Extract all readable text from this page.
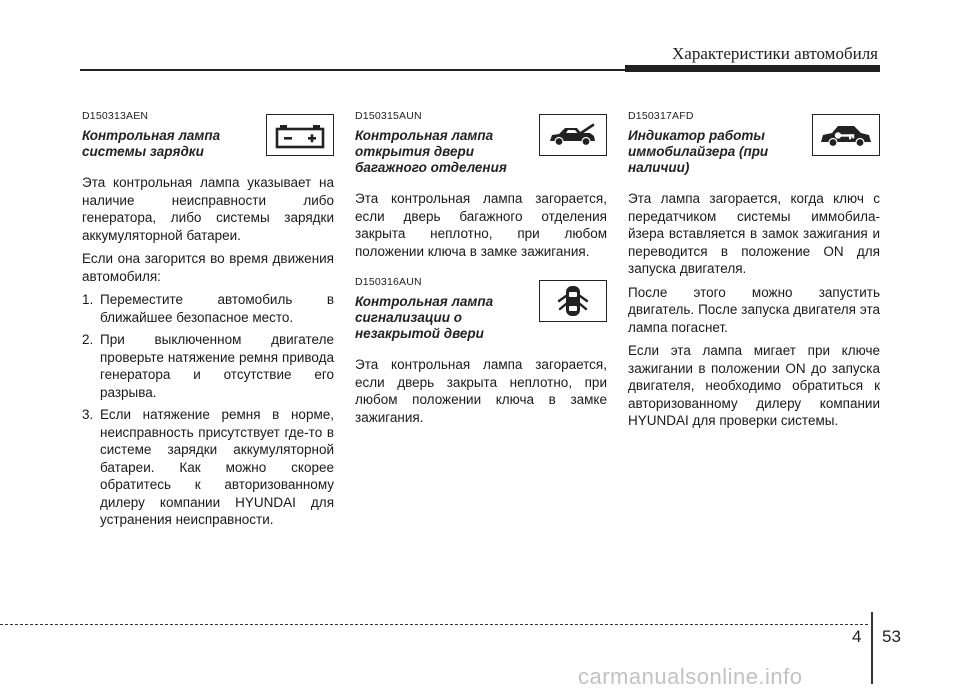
Характеристики автомобиля
D150313AEN
Контрольная лампа системы зарядки

Эта контрольная лампа указывает на наличие неисправности либо генератора, либо системы зарядки аккумуляторной батареи.

Если она загорится во время движения автомобиля:

1. Переместите автомобиль в ближайшее безопасное место.
2. При выключенном двигателе проверьте натяжение ремня привода генератора и отсутствие его разрыва.
3. Если натяжение ремня в норме, неисправность присутствует где-то в системе зарядки аккумуляторной батареи. Как можно скорее обратитесь к авторизованному дилеру компании HYUNDAI для устранения неисправности.
D150315AUN
Контрольная лампа открытия двери багажного отделения

Эта контрольная лампа загорается, если дверь багажного отделения закрыта неплотно, при любом положении ключа в замке зажигания.

D150316AUN
Контрольная лампа сигнализации о незакрытой двери

Эта контрольная лампа загорается, если дверь закрыта неплотно, при любом положении ключа в замке зажигания.

D150317AFD
Индикатор работы иммобилайзера (при наличии)

Эта лампа загорается, когда ключ с передатчиком системы иммобила-йзера вставляется в замок зажигания и переводится в положение ON для запуска двигателя.

После этого можно запустить двигатель. После запуска двигателя эта лампа погаснет.

Если эта лампа мигает при ключе зажигании в положении ON до запуска двигателя, необходимо обратиться к авторизованному дилеру компании HYUNDAI для проверки системы.

4 53
carmanualsonline.info
